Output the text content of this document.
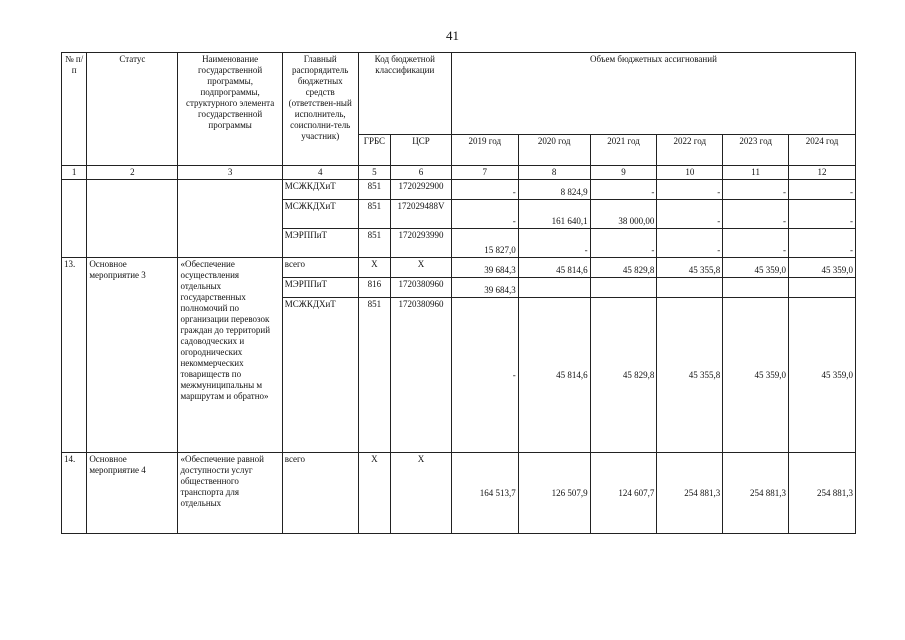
41
№ п/п	Статус	Наименование государственной программы, подпрограммы, структурного элемента государственной программы	Главный распорядитель бюджетных средств (ответствен-ный исполнитель, соисполни-тель участник)	Код бюджетной классификации		Объем бюджетных ассигнований					
				ГРБС	ЦСР	2019 год	2020 год	2021 год	2022 год	2023 год	2024 год
1	2	3	4	5	6	7	8	9	10	11	12
			МСЖКДХиТ	851	1720292900	-	8 824,9	-	-	-	-
			МСЖКДХиТ	851	172029488V	-	161 640,1	38 000,00	-	-	-
			МЭРППиТ	851	1720293990	15 827,0	-	-	-	-	-
13.	Основное мероприятие 3	«Обеспечение осуществления отдельных государственных полномочий по организации перевозок граждан до территорий садоводческих и огороднических некоммерческих товариществ по межмуниципальны м маршрутам и обратно»	всего	Х	Х	39 684,3	45 814,6	45 829,8	45 355,8	45 359,0	45 359,0
			МЭРППиТ	816	1720380960	39 684,3					
			МСЖКДХиТ	851	1720380960	-	45 814,6	45 829,8	45 355,8	45 359,0	45 359,0
14.	Основное мероприятие 4	«Обеспечение равной доступности услуг общественного транспорта для отдельных	всего	Х	Х	164 513,7	126 507,9	124 607,7	254 881,3	254 881,3	254 881,3
